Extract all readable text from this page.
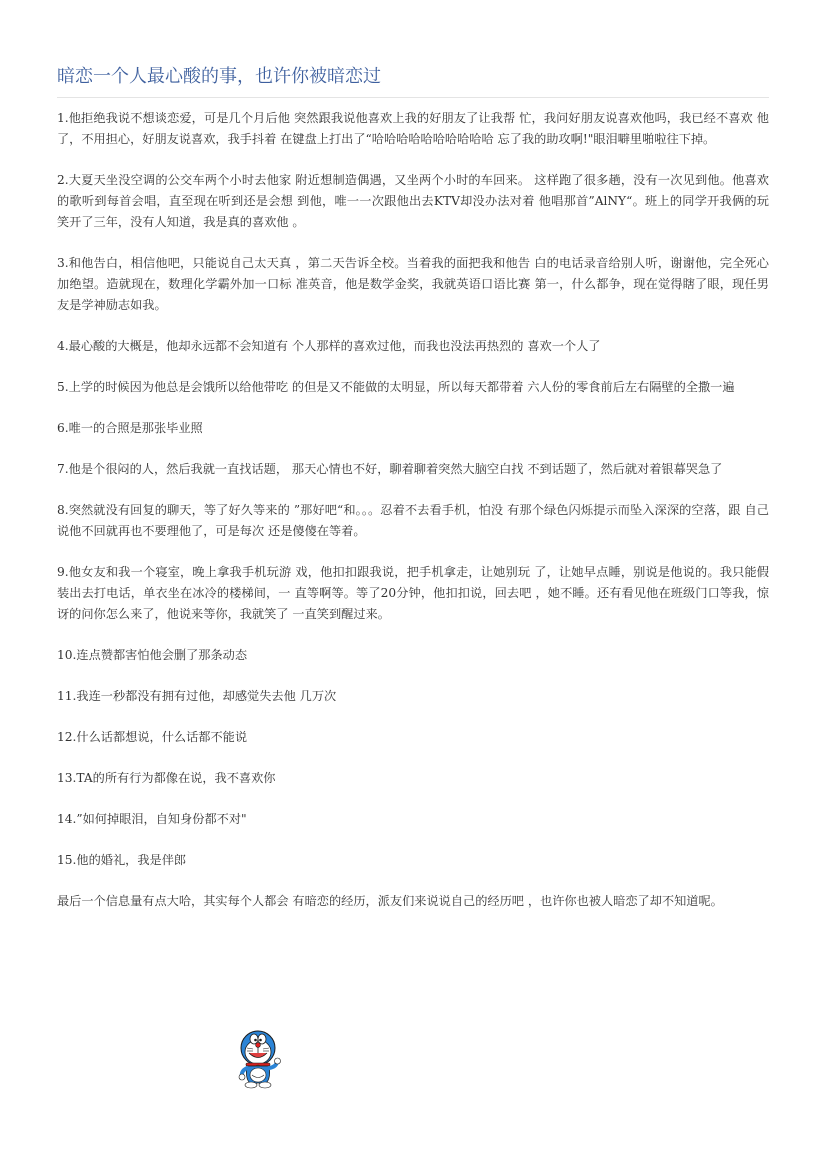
暗恋一个人最心酸的事，也许你被暗恋过

1.他拒绝我说不想谈恋爱，可是几个月后他 突然跟我说他喜欢上我的好朋友了让我帮 忙，我问好朋友说喜欢他吗，我已经不喜欢 他了，不用担心，好朋友说喜欢，我手抖着 在键盘上打出了“哈哈哈哈哈哈哈哈哈哈 忘了我的助攻啊!"眼泪噼里啪啦往下掉。

2.大夏天坐没空调的公交车两个小时去他家 附近想制造偶遇，又坐两个小时的车回来。 这样跑了很多趟，没有一次见到他。他喜欢 的歌听到每首会唱，直至现在听到还是会想 到他，唯一一次跟他出去KTV却没办法对着 他唱那首”AlNY“。班上的同学开我俩的玩 笑开了三年，没有人知道，我是真的喜欢他 。

3.和他告白，相信他吧，只能说自己太天真 ，第二天告诉全校。当着我的面把我和他告 白的电话录音给别人听，谢谢他，完全死心 加绝望。造就现在，数理化学霸外加一口标 准英音，他是数学金奖，我就英语口语比赛 第一，什么都争，现在觉得瞎了眼，现任男 友是学神励志如我。

4.最心酸的大概是，他却永远都不会知道有 个人那样的喜欢过他，而我也没法再热烈的 喜欢一个人了

5.上学的时候因为他总是会饿所以给他带吃 的但是又不能做的太明显，所以每天都带着 六人份的零食前后左右隔壁的全撒一遍

6.唯一的合照是那张毕业照

7.他是个很闷的人，然后我就一直找话题， 那天心情也不好，聊着聊着突然大脑空白找 不到话题了，然后就对着银幕哭急了

8.突然就没有回复的聊天，等了好久等来的 ”那好吧“和。。。忍着不去看手机，怕没 有那个绿色闪烁提示而坠入深深的空落，跟 自己说他不回就再也不要理他了，可是每次 还是傻傻在等着。

9.他女友和我一个寝室，晚上拿我手机玩游 戏，他扣扣跟我说，把手机拿走，让她别玩 了，让她早点睡，别说是他说的。我只能假 装出去打电话，单衣坐在冰冷的楼梯间，一 直等啊等。等了20分钟，他扣扣说，回去吧 ，她不睡。还有看见他在班级门口等我，惊 讶的问你怎么来了，他说来等你，我就笑了 一直笑到醒过来。

10.连点赞都害怕他会删了那条动态

11.我连一秒都没有拥有过他，却感觉失去他 几万次

12.什么话都想说，什么话都不能说

13.TA的所有行为都像在说，我不喜欢你

14.”如何掉眼泪，自知身份都不对"

15.他的婚礼，我是伴郎

最后一个信息量有点大哈，其实每个人都会 有暗恋的经历，派友们来说说自己的经历吧 ，也许你也被人暗恋了却不知道呢。
